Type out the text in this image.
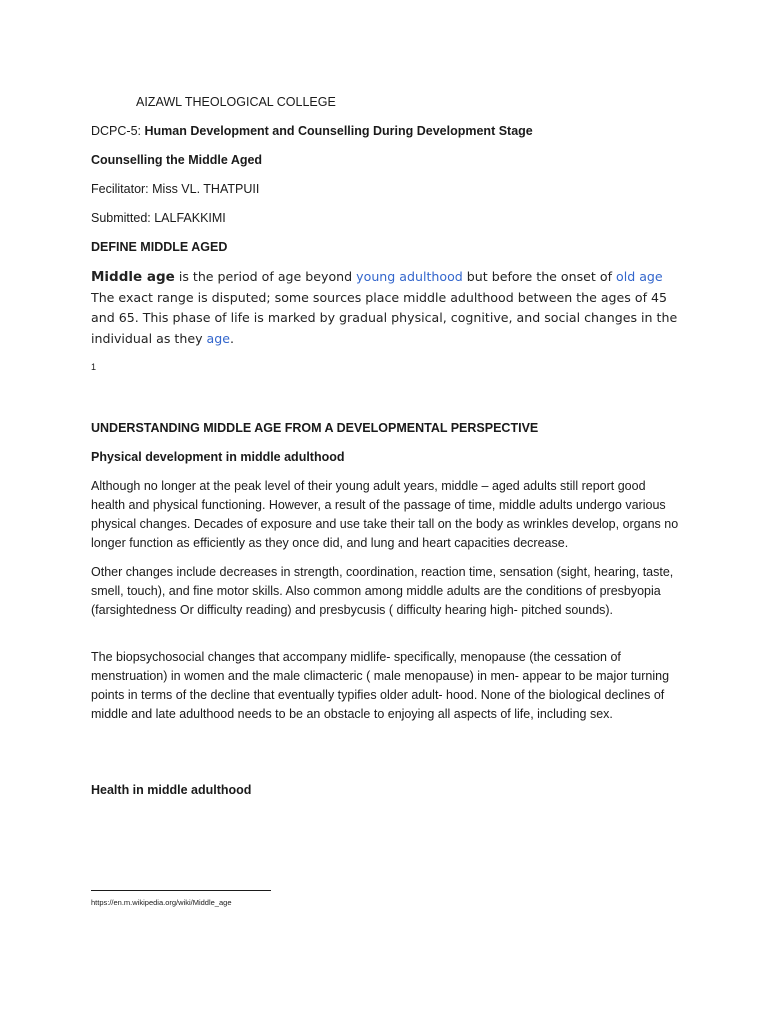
AIZAWL THEOLOGICAL COLLEGE
DCPC-5: Human Development and Counselling During Development Stage
Counselling the Middle Aged
Fecilitator: Miss VL. THATPUII
Submitted: LALFAKKIMI
DEFINE MIDDLE AGED
Middle age is the period of age beyond young adulthood but before the onset of old age The exact range is disputed; some sources place middle adulthood between the ages of 45 and 65. This phase of life is marked by gradual physical, cognitive, and social changes in the individual as they age.
1
UNDERSTANDING MIDDLE AGE FROM A DEVELOPMENTAL PERSPECTIVE
Physical development in middle adulthood
Although no longer at the peak level of their young adult years, middle – aged adults still report good health and physical functioning. However, a result of the passage of time, middle adults undergo various physical changes. Decades of exposure and use take their tall on the body as wrinkles develop, organs no longer function as efficiently as they once did, and lung and heart capacities decrease.
Other changes include decreases in strength, coordination, reaction time, sensation (sight, hearing, taste, smell, touch), and fine motor skills. Also common among middle adults are the conditions of presbyopia (farsightedness Or difficulty reading) and presbycusis ( difficulty hearing high- pitched sounds).
The biopsychosocial changes that accompany midlife- specifically, menopause (the cessation of menstruation) in women and the male climacteric ( male menopause) in men- appear to be major turning points in terms of the decline that eventually typifies older adult- hood. None of the biological declines of middle and late adulthood needs to be an obstacle to enjoying all aspects of life, including sex.
Health in middle adulthood
https://en.m.wikipedia.org/wiki/Middle_age
